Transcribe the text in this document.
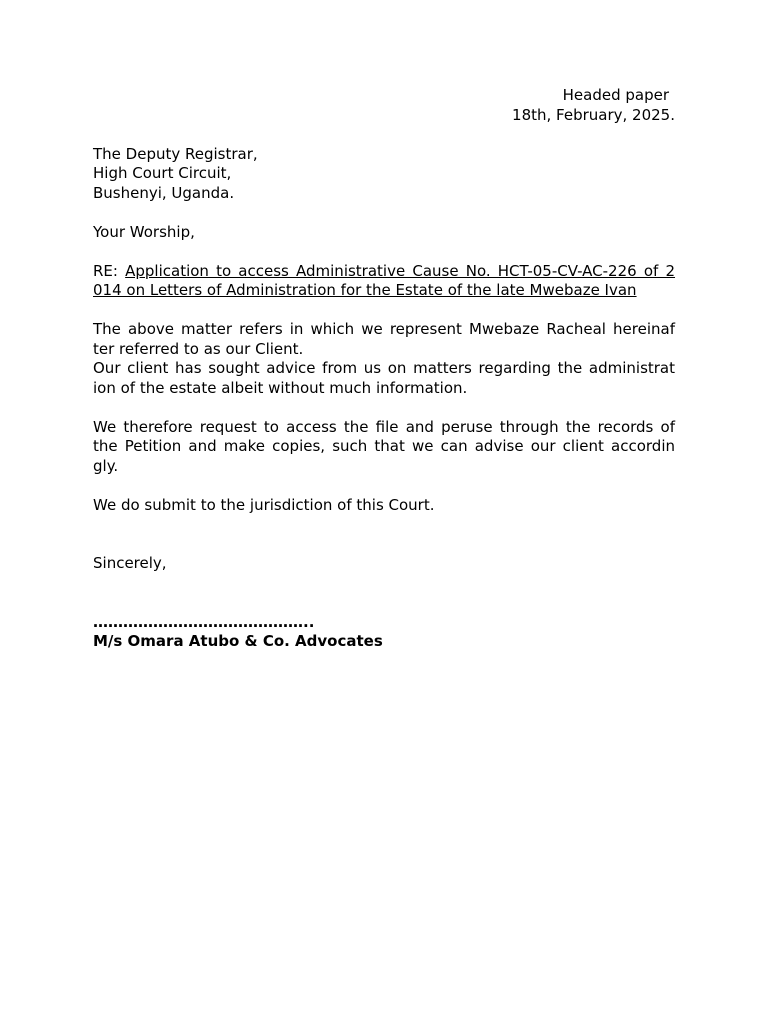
Headed paper
18th, February, 2025.
The Deputy Registrar,
High Court Circuit,
Bushenyi, Uganda.
Your Worship,
RE: Application to access Administrative Cause No. HCT-05-CV-AC-226 of 2
014 on Letters of Administration for the Estate of the late Mwebaze Ivan
The above matter refers in which we represent Mwebaze Racheal hereinaf
ter referred to as our Client.
Our client has sought advice from us on matters regarding the administrat
ion of the estate albeit without much information.
We therefore request to access the file and peruse through the records of
the Petition and make copies, such that we can advise our client accordin
gly.
We do submit to the jurisdiction of this Court.
Sincerely,
……………………………………..
M/s Omara Atubo & Co. Advocates
